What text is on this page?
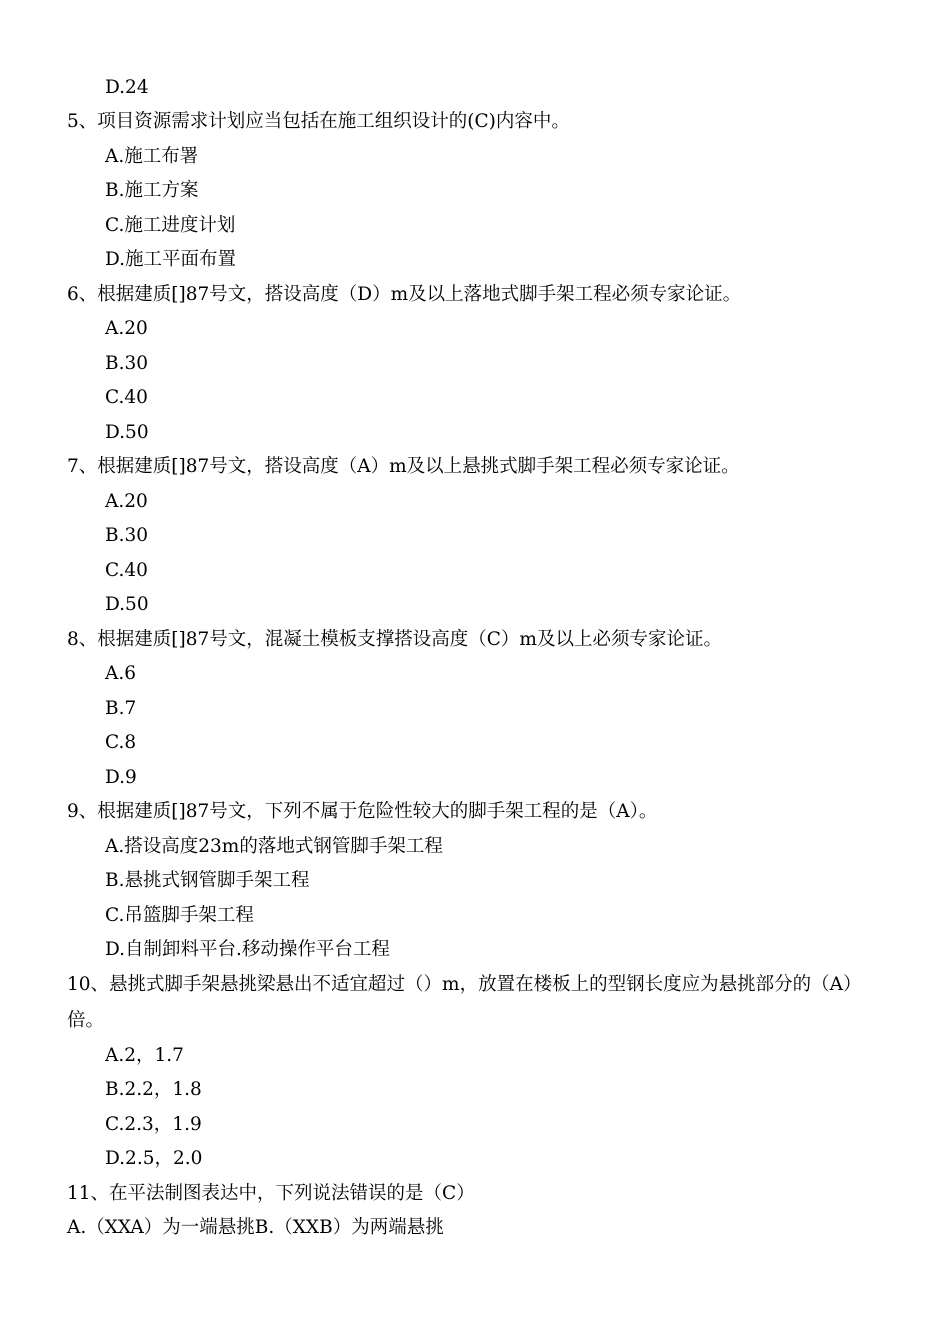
D.24
5、项目资源需求计划应当包括在施工组织设计的(C)内容中。
A.施工布署
B.施工方案
C.施工进度计划
D.施工平面布置
6、根据建质[]87号文，搭设高度（D）m及以上落地式脚手架工程必须专家论证。
A.20
B.30
C.40
D.50
7、根据建质[]87号文，搭设高度（A）m及以上悬挑式脚手架工程必须专家论证。
A.20
B.30
C.40
D.50
8、根据建质[]87号文，混凝土模板支撑搭设高度（C）m及以上必须专家论证。
A.6
B.7
C.8
D.9
9、根据建质[]87号文，下列不属于危险性较大的脚手架工程的是（A）。
A.搭设高度23m的落地式钢管脚手架工程
B.悬挑式钢管脚手架工程
C.吊篮脚手架工程
D.自制卸料平台.移动操作平台工程
10、悬挑式脚手架悬挑梁悬出不适宜超过（）m，放置在楼板上的型钢长度应为悬挑部分的（A）
倍。
A.2，1.7
B.2.2，1.8
C.2.3，1.9
D.2.5，2.0
11、在平法制图表达中，下列说法错误的是（C）
A.（XXA）为一端悬挑B.（XXB）为两端悬挑
